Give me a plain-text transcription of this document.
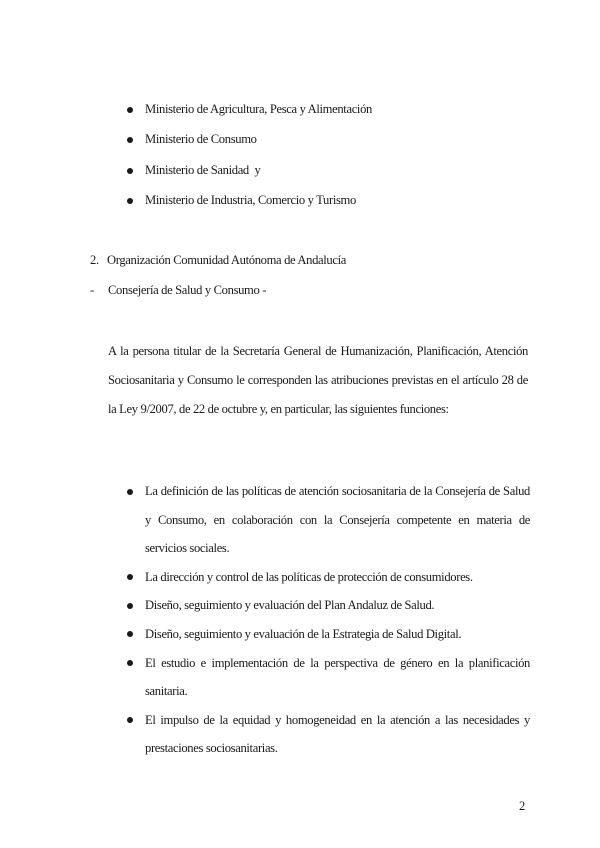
Ministerio de Agricultura, Pesca y Alimentación
Ministerio de Consumo
Ministerio de Sanidad  y
Ministerio de Industria, Comercio y Turismo
2. Organización Comunidad Autónoma de Andalucía
- Consejería de Salud y Consumo -

A la persona titular de la Secretaría General de Humanización, Planificación, Atención Sociosanitaria y Consumo le corresponden las atribuciones previstas en el artículo 28 de la Ley 9/2007, de 22 de octubre y, en particular, las siguientes funciones:

La definición de las políticas de atención sociosanitaria de la Consejería de Salud y Consumo, en colaboración con la Consejería competente en materia de servicios sociales.
La dirección y control de las políticas de protección de consumidores.
Diseño, seguimiento y evaluación del Plan Andaluz de Salud.
Diseño, seguimiento y evaluación de la Estrategia de Salud Digital.
El estudio e implementación de la perspectiva de género en la planificación sanitaria.
El impulso de la equidad y homogeneidad en la atención a las necesidades y prestaciones sociosanitarias.
2
